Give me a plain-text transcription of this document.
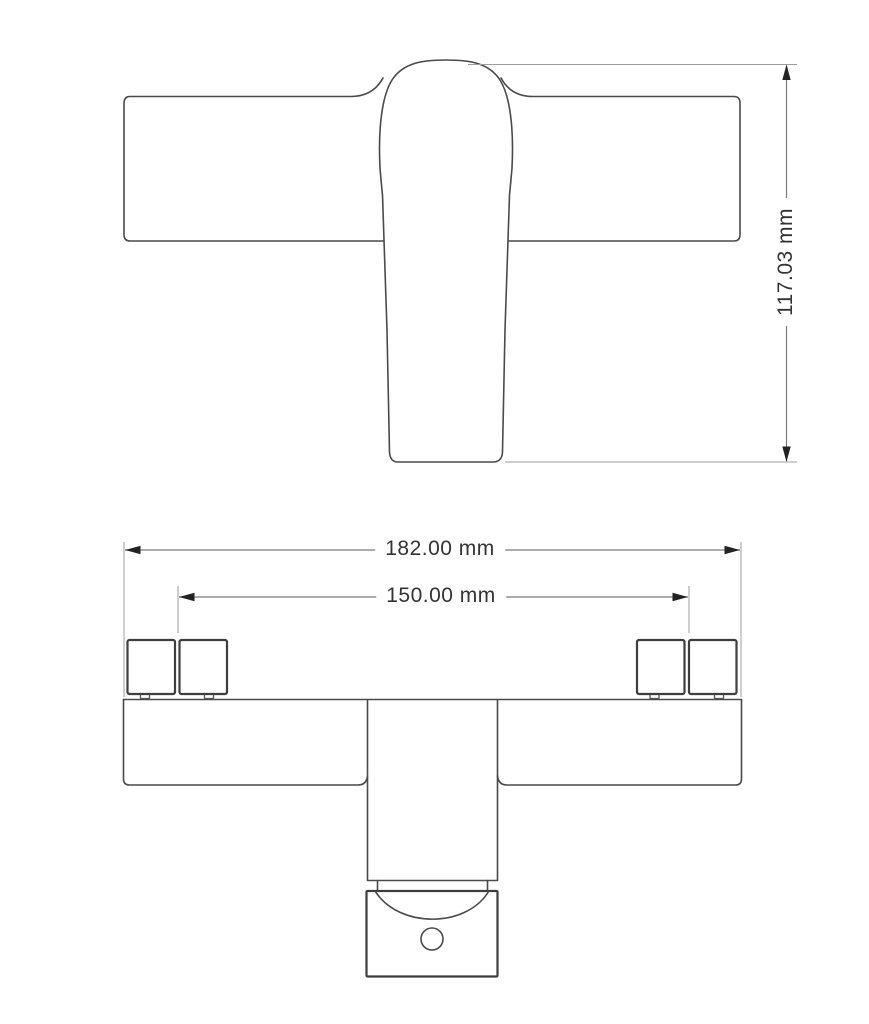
117.03 mm
182.00 mm
150.00 mm
